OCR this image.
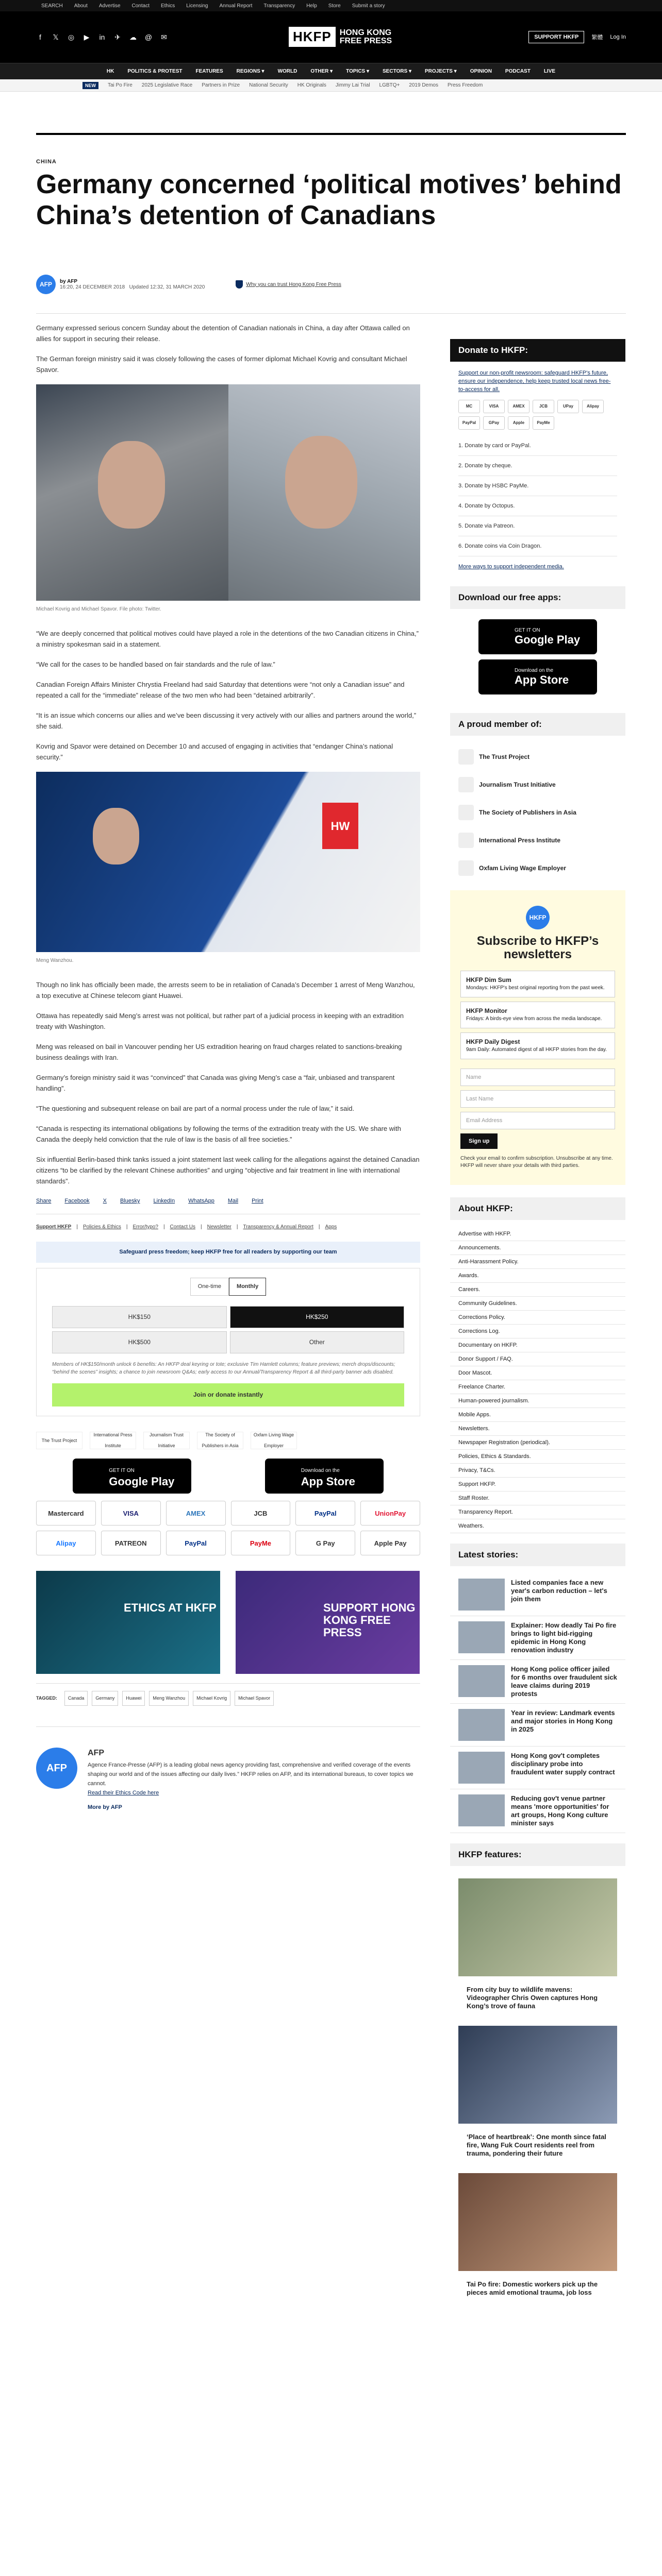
SEARCH About Advertise Contact Ethics Licensing Annual Report Transparency Help Store Submit a story
f	𝕏 ◎ ▶ in ✈ ☁ @ ✉	HKFP	HONG KONG
FREE PRESS	SUPPORT HKFP	繁體 Log In
HK	POLITICS & PROTEST	FEATURES	REGIONS ▾	WORLD	OTHER ▾	TOPICS ▾	SECTORS ▾	PROJECTS ▾	OPINION	PODCAST	LIVE
NEW	Tai Po Fire 2025 Legislative Race Partners in Prize National Security HK Originals Jimmy Lai Trial LGBTQ+ 2019 Demos Press Freedom
CHINA
Germany concerned ‘political motives’ behind China’s detention of Canadians
AFP	by AFP
16:20, 24 DECEMBER 2018 Updated 12:32, 31 MARCH 2020	Why you can trust Hong Kong Free Press

Germany expressed serious concern Sunday about the detention of Canadian nationals in China, a day after Ottawa called on allies for support in securing their release.

The German foreign ministry said it was closely following the cases of former diplomat Michael Kovrig and consultant Michael Spavor.

Michael Kovrig and Michael Spavor. File photo: Twitter.

“We are deeply concerned that political motives could have played a role in the detentions of the two Canadian citizens in China,” a ministry spokesman said in a statement.

“We call for the cases to be handled based on fair standards and the rule of law.”

Canadian Foreign Affairs Minister Chrystia Freeland had said Saturday that detentions were “not only a Canadian issue” and repeated a call for the “immediate” release of the two men who had been “detained arbitrarily”.

“It is an issue which concerns our allies and we’ve been discussing it very actively with our allies and partners around the world,” she said.

Kovrig and Spavor were detained on December 10 and accused of engaging in activities that “endanger China’s national security.”

HW
Meng Wanzhou.

Though no link has officially been made, the arrests seem to be in retaliation of Canada’s December 1 arrest of Meng Wanzhou, a top executive at Chinese telecom giant Huawei.

Ottawa has repeatedly said Meng’s arrest was not political, but rather part of a judicial process in keeping with an extradition treaty with Washington.

Meng was released on bail in Vancouver pending her US extradition hearing on fraud charges related to sanctions-breaking business dealings with Iran.

Germany’s foreign ministry said it was “convinced” that Canada was giving Meng’s case a “fair, unbiased and transparent handling”.

“The questioning and subsequent release on bail are part of a normal process under the rule of law,” it said.

“Canada is respecting its international obligations by following the terms of the extradition treaty with the US. We share with Canada the deeply held conviction that the rule of law is the basis of all free societies.”

Six influential Berlin-based think tanks issued a joint statement last week calling for the allegations against the detained Canadian citizens “to be clarified by the relevant Chinese authorities” and urging “objective and fair treatment in line with international standards”.

Share Facebook X Bluesky LinkedIn WhatsApp Mail Print
Support HKFP | Policies & Ethics | Error/typo? | Contact Us | Newsletter | Transparency & Annual Report | Apps
Safeguard press freedom; keep HKFP free for all readers by supporting our team
One-time	Monthly
HK$150	HK$250
HK$500	Other
Members of HK$150/month unlock 6 benefits: An HKFP deal keyring or tote; exclusive Tim Hamlett columns; feature previews; merch drops/discounts; “behind the scenes” insights; a chance to join newsroom Q&As; early access to our Annual/Transparency Report & all third-party banner ads disabled.
Join or donate instantly
The Trust Project
International Press Institute
Journalism Trust Initiative
The Society of Publishers in Asia
Oxfam Living Wage Employer
GET IT ON
Google Play
Download on the
App Store
Mastercard	VISA	AMEX	JCB	PayPal	UnionPay
Alipay	PATREON	PayPal	PayMe	G Pay	Apple Pay
ETHICS AT HKFP	SUPPORT HONG KONG FREE PRESS
TAGGED:	Canada	Germany	Huawei	Meng Wanzhou	Michael Kovrig	Michael Spavor
AFP
AFP
Agence France-Presse (AFP) is a leading global news agency providing fast, comprehensive and verified coverage of the events shaping our world and of the issues affecting our daily lives.” HKFP relies on AFP, and its international bureaus, to cover topics we cannot.
Read their Ethics Code here
More by AFP
Donate to HKFP:

Support our non-profit newsroom: safeguard HKFP's future, ensure our independence, help keep trusted local news free-to-access for all.

MC	VISA	AMEX	JCB	UPay	Alipay
PayPal	GPay	Apple	PayMe
1. Donate by card or PayPal.
2. Donate by cheque.
3. Donate by HSBC PayMe.
4. Donate by Octopus.
5. Donate via Patreon.
6. Donate coins via Coin Dragon.

More ways to support independent media.

Download our free apps:
GET IT ON
Google Play
Download on the
App Store
A proud member of:
The Trust Project
Journalism Trust Initiative
The Society of Publishers in Asia
International Press Institute
Oxfam Living Wage Employer
HKFP
Subscribe to HKFP’s newsletters
HKFP Dim Sum
Mondays: HKFP's best original reporting from the past week.
HKFP Monitor
Fridays: A birds-eye view from across the media landscape.
HKFP Daily Digest
9am Daily: Automated digest of all HKFP stories from the day.
Name
Last Name
Email Address
Sign up
Check your email to confirm subscription. Unsubscribe at any time. HKFP will never share your details with third parties.
About HKFP:
Advertise with HKFP.
Announcements.
Anti-Harassment Policy.
Awards.
Careers.
Community Guidelines.
Corrections Policy.
Corrections Log.
Documentary on HKFP.
Donor Support / FAQ.
Door Mascot.
Freelance Charter.
Human-powered journalism.
Mobile Apps.
Newsletters.
Newspaper Registration (periodical).
Policies, Ethics & Standards.
Privacy, T&Cs.
Support HKFP.
Staff Roster.
Transparency Report.
Weathers.
Latest stories:
Listed companies face a new year's carbon reduction – let's join them
Explainer: How deadly Tai Po fire brings to light bid-rigging epidemic in Hong Kong renovation industry
Hong Kong police officer jailed for 6 months over fraudulent sick leave claims during 2019 protests
Year in review: Landmark events and major stories in Hong Kong in 2025
Hong Kong gov't completes disciplinary probe into fraudulent water supply contract
Reducing gov't venue partner means 'more opportunities' for art groups, Hong Kong culture minister says
HKFP features:
From city buy to wildlife mavens: Videographer Chris Owen captures Hong Kong’s trove of fauna
‘Place of heartbreak’: One month since fatal fire, Wang Fuk Court residents reel from trauma, pondering their future
Tai Po fire: Domestic workers pick up the pieces amid emotional trauma, job loss
